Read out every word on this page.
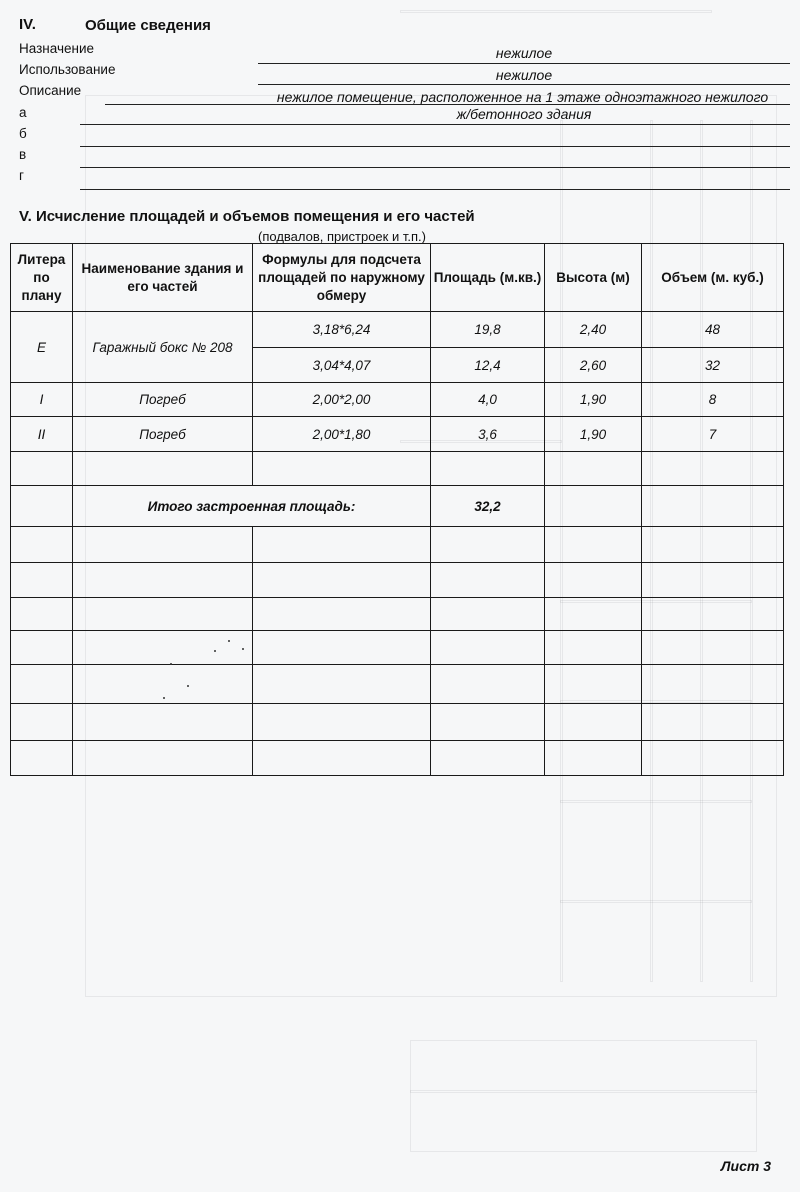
IV.	Общие сведения
Назначение	нежилое
Использование	нежилое
Описание	нежилое помещение, расположенное на 1 этаже одноэтажного нежилого
ж/бетонного здания
а
б
в
г
V. Исчисление площадей и объемов помещения и его частей
(подвалов, пристроек и т.п.)
Литера по плану	Наименование здания и его частей	Формулы для подсчета площадей по наружному обмеру	Площадь (м.кв.)	Высота (м)	Объем (м. куб.)
Е	Гаражный бокс № 208	3,18*6,24	19,8	2,40	48
		3,04*4,07	12,4	2,60	32
I	Погреб	2,00*2,00	4,0	1,90	8
II	Погреб	2,00*1,80	3,6	1,90	7

	Итого застроенная площадь:		32,2		

Лист 3
